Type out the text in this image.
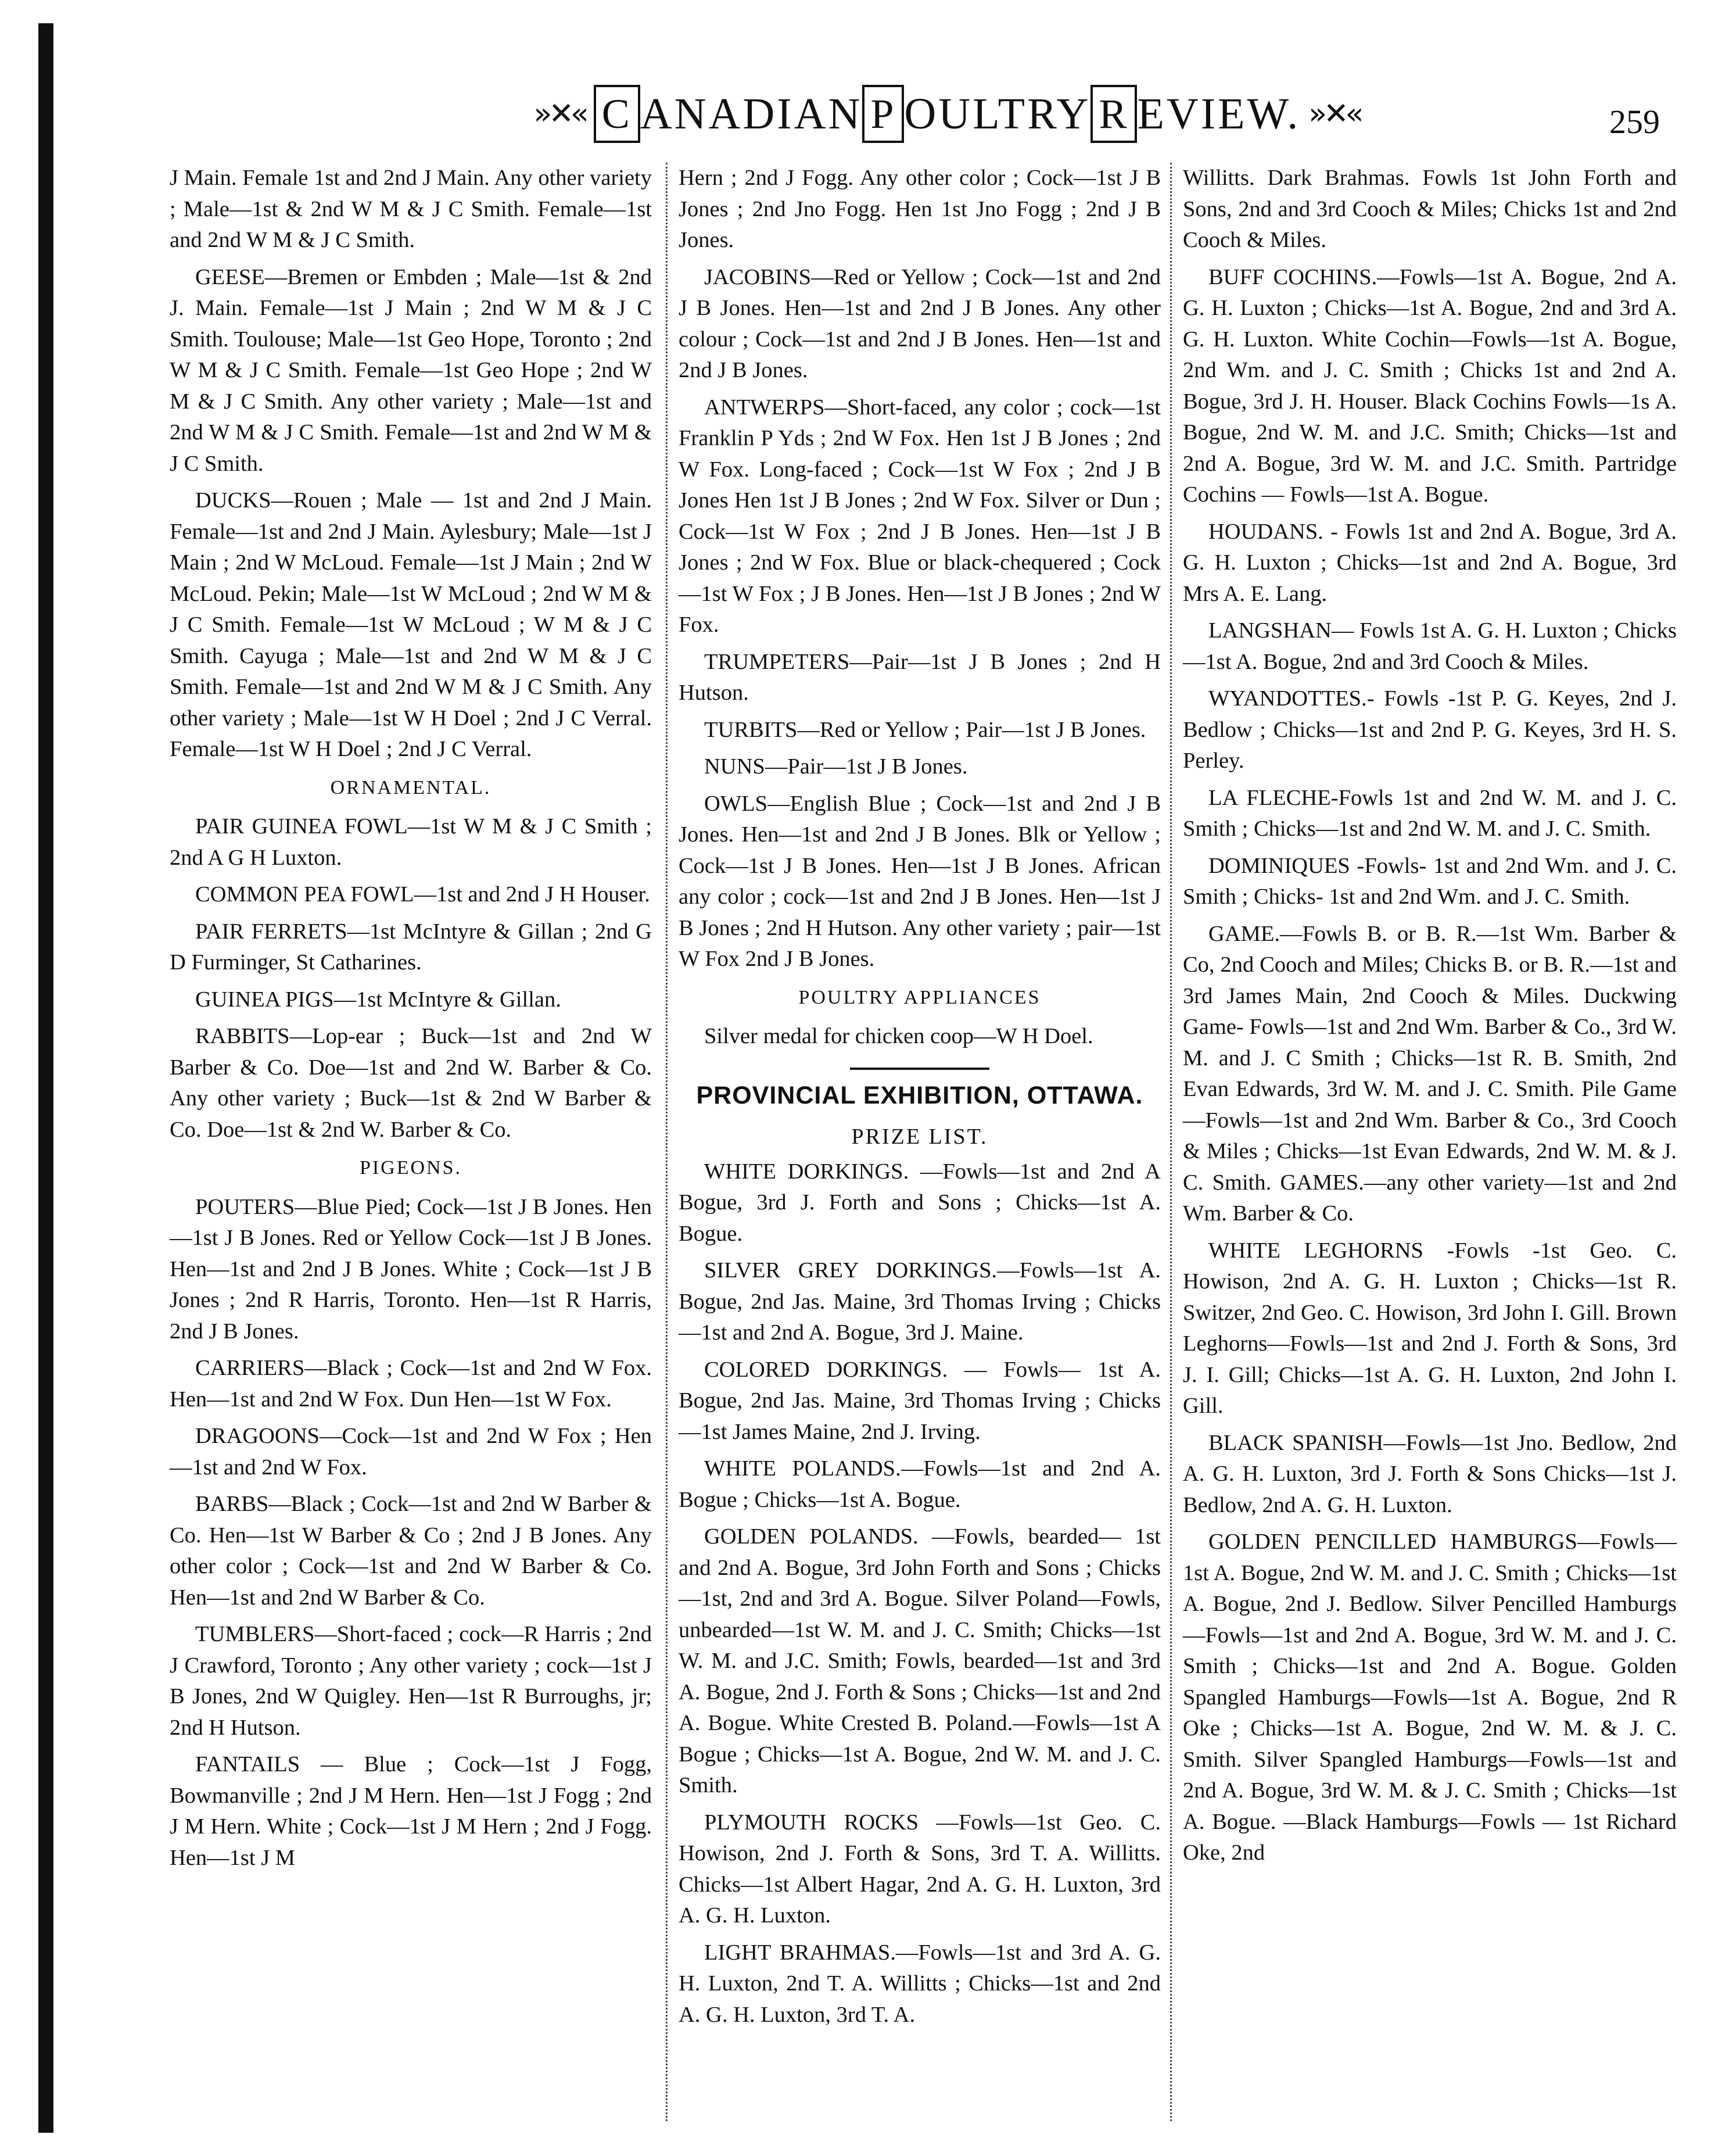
»✕« C ANADIAN P OULTRY R EVIEW. »✕«	259

J Main. Female 1st and 2nd J Main. Any other variety ; Male—1st & 2nd W M & J C Smith. Female—1st and 2nd W M & J C Smith.

GEESE—Bremen or Embden ; Male—1st & 2nd J. Main. Female—1st J Main ; 2nd W M & J C Smith. Toulouse; Male—1st Geo Hope, Toronto ; 2nd W M & J C Smith. Female—1st Geo Hope ; 2nd W M & J C Smith. Any other variety ; Male—1st and 2nd W M & J C Smith. Female—1st and 2nd W M & J C Smith.

DUCKS—Rouen ; Male — 1st and 2nd J Main. Female—1st and 2nd J Main. Aylesbury; Male—1st J Main ; 2nd W McLoud. Female—1st J Main ; 2nd W McLoud. Pekin; Male—1st W McLoud ; 2nd W M & J C Smith. Female—1st W McLoud ; W M & J C Smith. Cayuga ; Male—1st and 2nd W M & J C Smith. Female—1st and 2nd W M & J C Smith. Any other variety ; Male—1st W H Doel ; 2nd J C Verral. Female—1st W H Doel ; 2nd J C Verral.

ORNAMENTAL.

PAIR GUINEA FOWL—1st W M & J C Smith ; 2nd A G H Luxton.

COMMON PEA FOWL—1st and 2nd J H Houser.

PAIR FERRETS—1st McIntyre & Gillan ; 2nd G D Furminger, St Catharines.

GUINEA PIGS—1st McIntyre & Gillan.

RABBITS—Lop-ear ; Buck—1st and 2nd W Barber & Co. Doe—1st and 2nd W. Barber & Co. Any other variety ; Buck—1st & 2nd W Barber & Co. Doe—1st & 2nd W. Barber & Co.

PIGEONS.

POUTERS—Blue Pied; Cock—1st J B Jones. Hen—1st J B Jones. Red or Yellow Cock—1st J B Jones. Hen—1st and 2nd J B Jones. White ; Cock—1st J B Jones ; 2nd R Harris, Toronto. Hen—1st R Harris, 2nd J B Jones.

CARRIERS—Black ; Cock—1st and 2nd W Fox. Hen—1st and 2nd W Fox. Dun Hen—1st W Fox.

DRAGOONS—Cock—1st and 2nd W Fox ; Hen—1st and 2nd W Fox.

BARBS—Black ; Cock—1st and 2nd W Barber & Co. Hen—1st W Barber & Co ; 2nd J B Jones. Any other color ; Cock—1st and 2nd W Barber & Co. Hen—1st and 2nd W Barber & Co.

TUMBLERS—Short-faced ; cock—R Harris ; 2nd J Crawford, Toronto ; Any other variety ; cock—1st J B Jones, 2nd W Quigley. Hen—1st R Burroughs, jr; 2nd H Hutson.

FANTAILS — Blue ; Cock—1st J Fogg, Bowmanville ; 2nd J M Hern. Hen—1st J Fogg ; 2nd J M Hern. White ; Cock—1st J M Hern ; 2nd J Fogg. Hen—1st J M

Hern ; 2nd J Fogg. Any other color ; Cock—1st J B Jones ; 2nd Jno Fogg. Hen 1st Jno Fogg ; 2nd J B Jones.

JACOBINS—Red or Yellow ; Cock—1st and 2nd J B Jones. Hen—1st and 2nd J B Jones. Any other colour ; Cock—1st and 2nd J B Jones. Hen—1st and 2nd J B Jones.

ANTWERPS—Short-faced, any color ; cock—1st Franklin P Yds ; 2nd W Fox. Hen 1st J B Jones ; 2nd W Fox. Long-faced ; Cock—1st W Fox ; 2nd J B Jones Hen 1st J B Jones ; 2nd W Fox. Silver or Dun ; Cock—1st W Fox ; 2nd J B Jones. Hen—1st J B Jones ; 2nd W Fox. Blue or black-chequered ; Cock—1st W Fox ; J B Jones. Hen—1st J B Jones ; 2nd W Fox.

TRUMPETERS—Pair—1st J B Jones ; 2nd H Hutson.

TURBITS—Red or Yellow ; Pair—1st J B Jones.

NUNS—Pair—1st J B Jones.

OWLS—English Blue ; Cock—1st and 2nd J B Jones. Hen—1st and 2nd J B Jones. Blk or Yellow ; Cock—1st J B Jones. Hen—1st J B Jones. African any color ; cock—1st and 2nd J B Jones. Hen—1st J B Jones ; 2nd H Hutson. Any other variety ; pair—1st W Fox 2nd J B Jones.

POULTRY APPLIANCES

Silver medal for chicken coop—W H Doel.

PROVINCIAL EXHIBITION, OTTAWA.
PRIZE LIST.

WHITE DORKINGS. —Fowls—1st and 2nd A Bogue, 3rd J. Forth and Sons ; Chicks—1st A. Bogue.

SILVER GREY DORKINGS.—Fowls—1st A. Bogue, 2nd Jas. Maine, 3rd Thomas Irving ; Chicks—1st and 2nd A. Bogue, 3rd J. Maine.

COLORED DORKINGS. — Fowls— 1st A. Bogue, 2nd Jas. Maine, 3rd Thomas Irving ; Chicks—1st James Maine, 2nd J. Irving.

WHITE POLANDS.—Fowls—1st and 2nd A. Bogue ; Chicks—1st A. Bogue.

GOLDEN POLANDS. —Fowls, bearded— 1st and 2nd A. Bogue, 3rd John Forth and Sons ; Chicks—1st, 2nd and 3rd A. Bogue. Silver Poland—Fowls, unbearded—1st W. M. and J. C. Smith; Chicks—1st W. M. and J.C. Smith; Fowls, bearded—1st and 3rd A. Bogue, 2nd J. Forth & Sons ; Chicks—1st and 2nd A. Bogue. White Crested B. Poland.—Fowls—1st A Bogue ; Chicks—1st A. Bogue, 2nd W. M. and J. C. Smith.

PLYMOUTH ROCKS —Fowls—1st Geo. C. Howison, 2nd J. Forth & Sons, 3rd T. A. Willitts. Chicks—1st Albert Hagar, 2nd A. G. H. Luxton, 3rd A. G. H. Luxton.

LIGHT BRAHMAS.—Fowls—1st and 3rd A. G. H. Luxton, 2nd T. A. Willitts ; Chicks—1st and 2nd A. G. H. Luxton, 3rd T. A.

Willitts. Dark Brahmas. Fowls 1st John Forth and Sons, 2nd and 3rd Cooch & Miles; Chicks 1st and 2nd Cooch & Miles.

BUFF COCHINS.—Fowls—1st A. Bogue, 2nd A. G. H. Luxton ; Chicks—1st A. Bogue, 2nd and 3rd A. G. H. Luxton. White Cochin—Fowls—1st A. Bogue, 2nd Wm. and J. C. Smith ; Chicks 1st and 2nd A. Bogue, 3rd J. H. Houser. Black Cochins Fowls—1s A. Bogue, 2nd W. M. and J.C. Smith; Chicks—1st and 2nd A. Bogue, 3rd W. M. and J.C. Smith. Partridge Cochins — Fowls—1st A. Bogue.

HOUDANS. - Fowls 1st and 2nd A. Bogue, 3rd A. G. H. Luxton ; Chicks—1st and 2nd A. Bogue, 3rd Mrs A. E. Lang.

LANGSHAN— Fowls 1st A. G. H. Luxton ; Chicks—1st A. Bogue, 2nd and 3rd Cooch & Miles.

WYANDOTTES.- Fowls -1st P. G. Keyes, 2nd J. Bedlow ; Chicks—1st and 2nd P. G. Keyes, 3rd H. S. Perley.

LA FLECHE-Fowls 1st and 2nd W. M. and J. C. Smith ; Chicks—1st and 2nd W. M. and J. C. Smith.

DOMINIQUES -Fowls- 1st and 2nd Wm. and J. C. Smith ; Chicks- 1st and 2nd Wm. and J. C. Smith.

GAME.—Fowls B. or B. R.—1st Wm. Barber & Co, 2nd Cooch and Miles; Chicks B. or B. R.—1st and 3rd James Main, 2nd Cooch & Miles. Duckwing Game- Fowls—1st and 2nd Wm. Barber & Co., 3rd W. M. and J. C Smith ; Chicks—1st R. B. Smith, 2nd Evan Edwards, 3rd W. M. and J. C. Smith. Pile Game—Fowls—1st and 2nd Wm. Barber & Co., 3rd Cooch & Miles ; Chicks—1st Evan Edwards, 2nd W. M. & J. C. Smith. GAMES.—any other variety—1st and 2nd Wm. Barber & Co.

WHITE LEGHORNS -Fowls -1st Geo. C. Howison, 2nd A. G. H. Luxton ; Chicks—1st R. Switzer, 2nd Geo. C. Howison, 3rd John I. Gill. Brown Leghorns—Fowls—1st and 2nd J. Forth & Sons, 3rd J. I. Gill; Chicks—1st A. G. H. Luxton, 2nd John I. Gill.

BLACK SPANISH—Fowls—1st Jno. Bedlow, 2nd A. G. H. Luxton, 3rd J. Forth & Sons Chicks—1st J. Bedlow, 2nd A. G. H. Luxton.

GOLDEN PENCILLED HAMBURGS—Fowls—1st A. Bogue, 2nd W. M. and J. C. Smith ; Chicks—1st A. Bogue, 2nd J. Bedlow. Silver Pencilled Hamburgs—Fowls—1st and 2nd A. Bogue, 3rd W. M. and J. C. Smith ; Chicks—1st and 2nd A. Bogue. Golden Spangled Hamburgs—Fowls—1st A. Bogue, 2nd R Oke ; Chicks—1st A. Bogue, 2nd W. M. & J. C. Smith. Silver Spangled Hamburgs—Fowls—1st and 2nd A. Bogue, 3rd W. M. & J. C. Smith ; Chicks—1st A. Bogue. —Black Hamburgs—Fowls — 1st Richard Oke, 2nd
